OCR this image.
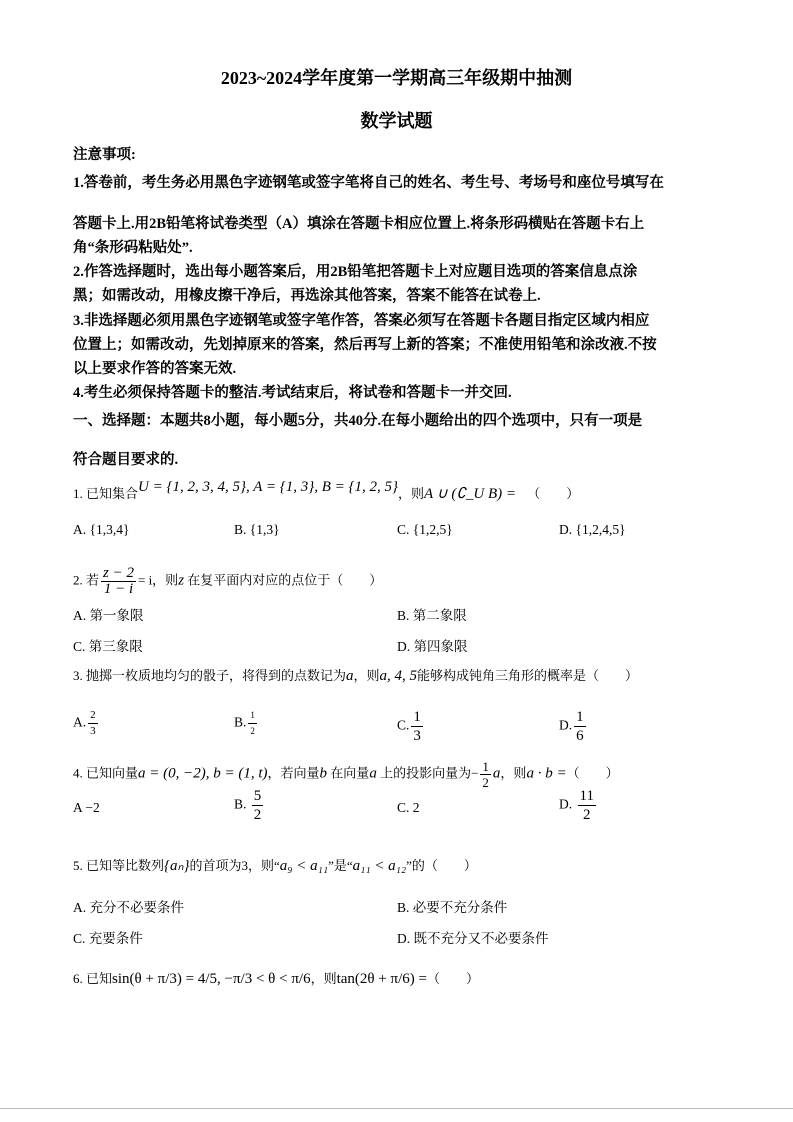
2023~2024学年度第一学期高三年级期中抽测
数学试题
注意事项:
1.答卷前，考生务必用黑色字迹钢笔或签字笔将自己的姓名、考生号、考场号和座位号填写在
答题卡上.用2B铅笔将试卷类型（A）填涂在答题卡相应位置上.将条形码横贴在答题卡右上
角“条形码粘贴处”.
2.作答选择题时，选出每小题答案后，用2B铅笔把答题卡上对应题目选项的答案信息点涂
黑；如需改动，用橡皮擦干净后，再选涂其他答案，答案不能答在试卷上.
3.非选择题必须用黑色字迹钢笔或签字笔作答，答案必须写在答题卡各题目指定区域内相应
位置上；如需改动，先划掉原来的答案，然后再写上新的答案；不准使用铅笔和涂改液.不按
以上要求作答的答案无效.
4.考生必须保持答题卡的整洁.考试结束后，将试卷和答题卡一并交回.
一、选择题：本题共8小题，每小题5分，共40分.在每小题给出的四个选项中，只有一项是
符合题目要求的.
1. 已知集合U = {1, 2, 3, 4, 5}, A = {1, 3}, B = {1, 2, 5}，则A ∪ (∁_U B) = （　　）
A. {1,3,4}	B. {1,3}	C. {1,2,5}	D. {1,2,4,5}
2. 若 $\frac{z - 2}{1 - i} = i$，则z 在复平面内对应的点位于（　　）
A. 第一象限	B. 第二象限
C. 第三象限	D. 第四象限
3. 抛掷一枚质地均匀的骰子，将得到的点数记为a，则a, 4, 5能够构成钝角三角形的概率是（　　）
A. $\frac{2}{3}$	B. $\frac{1}{2}$	C. $\frac{1}{3}$	D. $\frac{1}{6}$
4. 已知向量a = (0, −2), b = (1, t)，若向量b 在向量a 上的投影向量为− $\frac{1}{2}$ a，则a · b =（　　）
A −2	B. $\frac{5}{2}$	C. 2	D. $\frac{11}{2}$
5. 已知等比数列{aₙ}的首项为3，则“a₉ < a₁₁”是“a₁₁ < a₁₂”的（　　）
A. 充分不必要条件	B. 必要不充分条件
C. 充要条件	D. 既不充分又不必要条件
6. 已知sin(θ + π/3) = 4/5, −π/3 < θ < π/6，则tan(2θ + π/6) =（　　）
